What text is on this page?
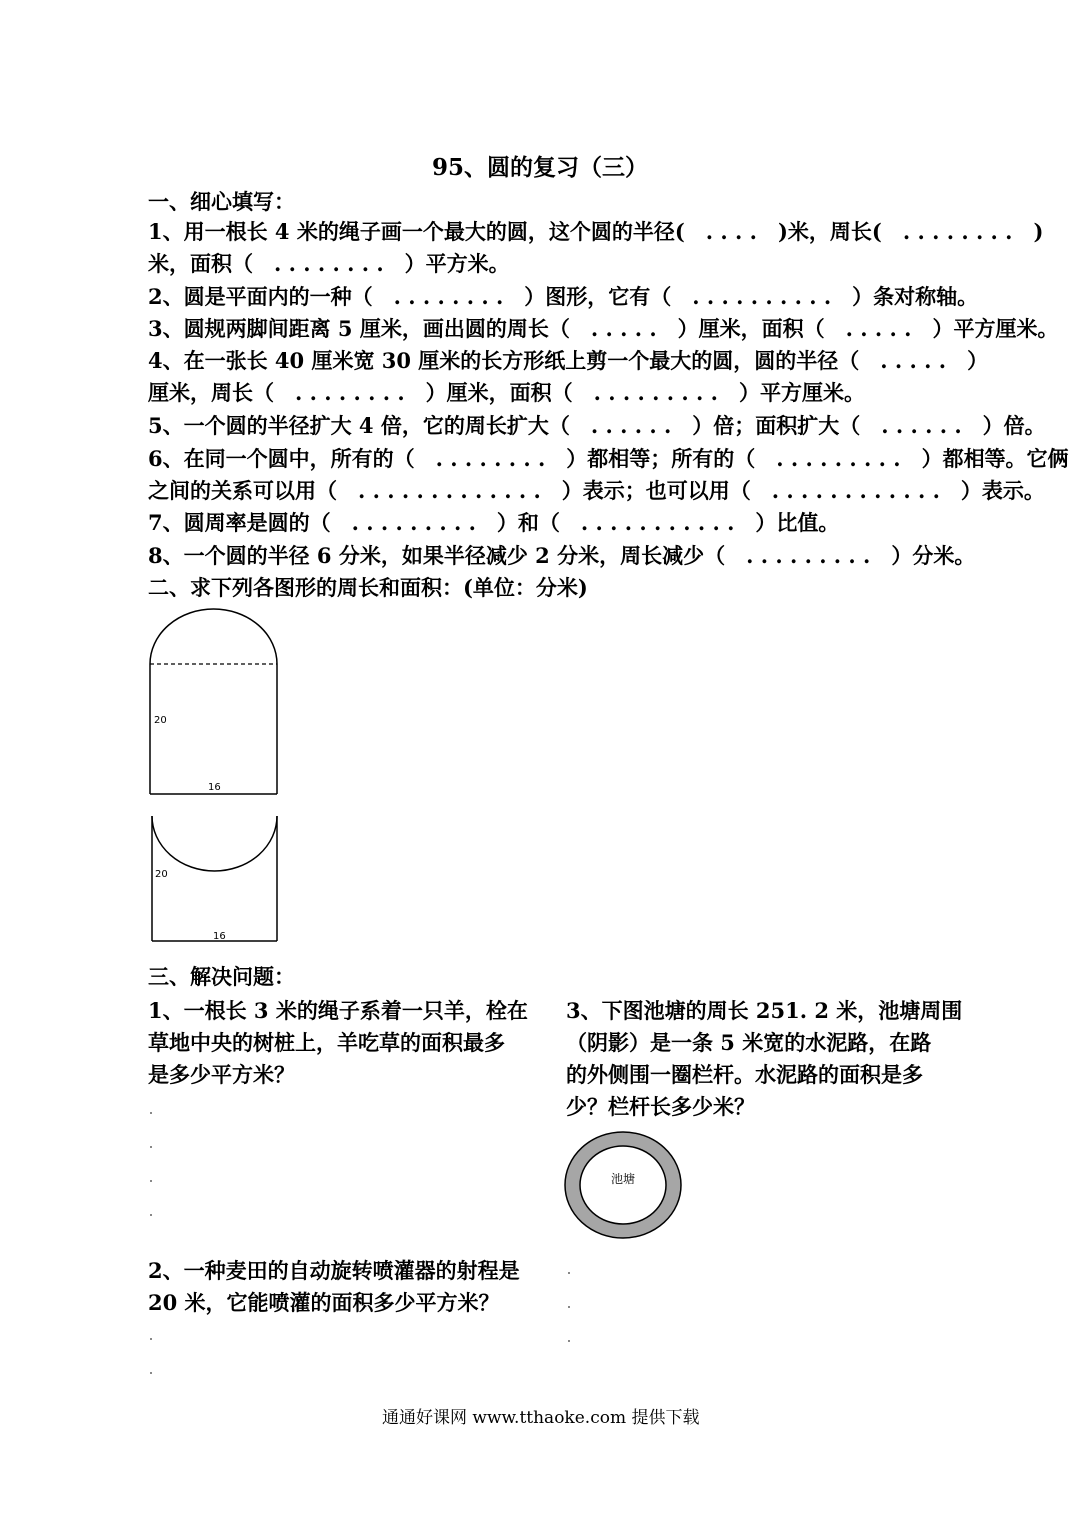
95、圆的复习（三）
一、细心填写：
1、用一根长 4 米的绳子画一个最大的圆，这个圆的半径(　. . . .　)米，周长(　. . . . . . . .　)
米，面积（　. . . . . . . .　）平方米。
2、圆是平面内的一种（　. . . . . . . .　）图形，它有（　. . . . . . . . . .　）条对称轴。
3、圆规两脚间距离 5 厘米，画出圆的周长（　. . . . .　）厘米，面积（　. . . . .　）平方厘米。
4、在一张长 40 厘米宽 30 厘米的长方形纸上剪一个最大的圆，圆的半径（　. . . . .　）
厘米，周长（　. . . . . . . .　）厘米，面积（　. . . . . . . . .　）平方厘米。
5、一个圆的半径扩大 4 倍，它的周长扩大（　. . . . . .　）倍；面积扩大（　. . . . . .　）倍。
6、在同一个圆中，所有的（　. . . . . . . .　）都相等；所有的（　. . . . . . . . .　）都相等。它俩
之间的关系可以用（　. . . . . . . . . . . . .　）表示；也可以用（　. . . . . . . . . . . .　）表示。
7、圆周率是圆的（　. . . . . . . . .　）和（　. . . . . . . . . . .　）比值。
8、一个圆的半径 6 分米，如果半径减少 2 分米，周长减少（　. . . . . . . . .　）分米。
二、求下列各图形的周长和面积：(单位：分米)
20
16
20
16
三、解决问题：
1、一根长 3 米的绳子系着一只羊，栓在
草地中央的树桩上，羊吃草的面积最多
是多少平方米？
2、一种麦田的自动旋转喷灌器的射程是
20 米，它能喷灌的面积多少平方米？
3、下图池塘的周长 251. 2 米，池塘周围
（阴影）是一条 5 米宽的水泥路，在路
的外侧围一圈栏杆。水泥路的面积是多
少？栏杆长多少米？
池塘
通通好课网 www.tthaoke.com 提供下载
